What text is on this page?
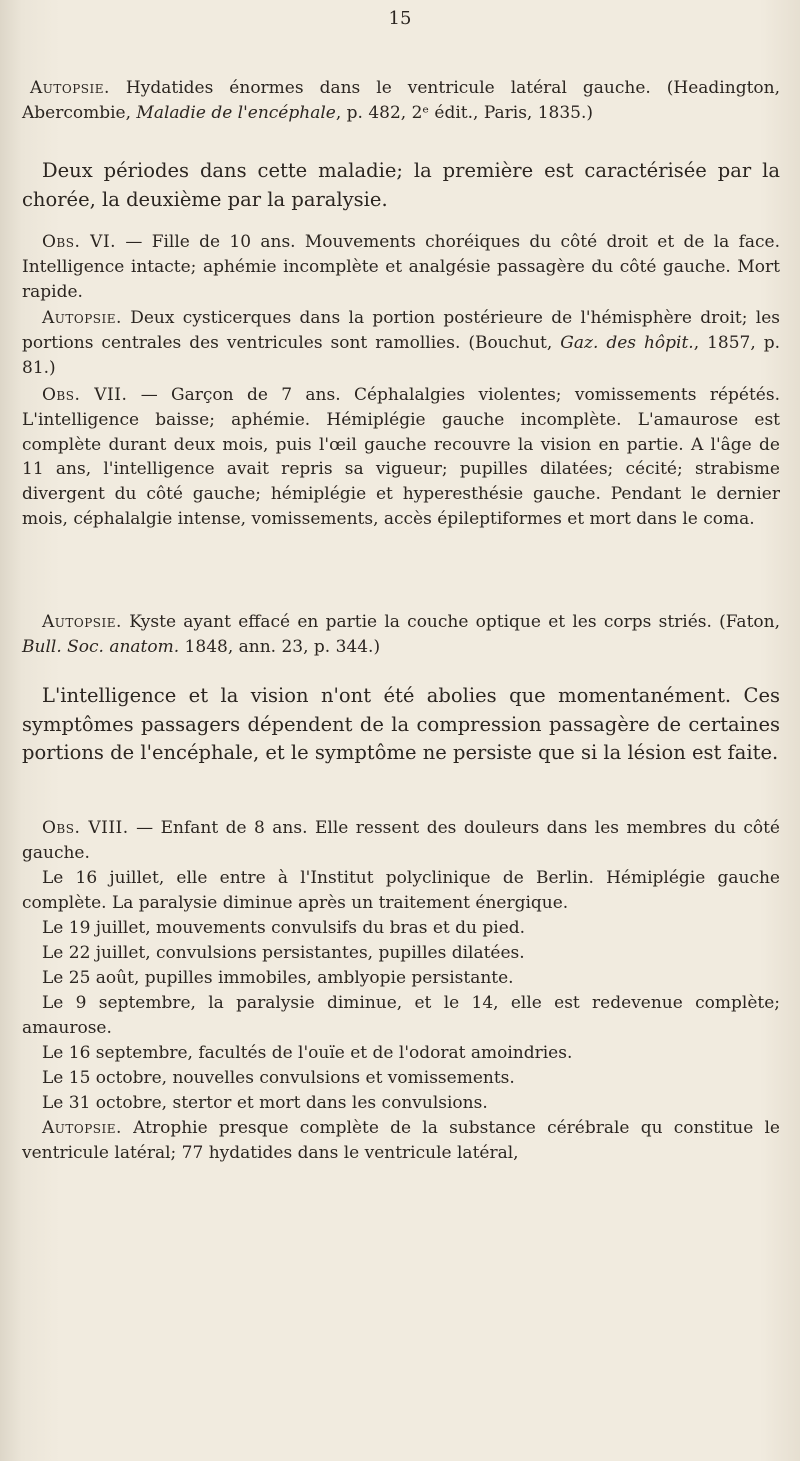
15

Autopsie. Hydatides énormes dans le ventricule latéral gauche. (Headington, Abercombie, Maladie de l'encéphale, p. 482, 2ᵉ édit., Paris, 1835.)

Deux périodes dans cette maladie; la première est caractérisée par la chorée, la deuxième par la paralysie.

Obs. VI. — Fille de 10 ans. Mouvements choréiques du côté droit et de la face. Intelligence intacte; aphémie incomplète et analgésie passagère du côté gauche. Mort rapide.

Autopsie. Deux cysticerques dans la portion postérieure de l'hémisphère droit; les portions centrales des ventricules sont ramollies. (Bouchut, Gaz. des hôpit., 1857, p. 81.)

Obs. VII. — Garçon de 7 ans. Céphalalgies violentes; vomissements répétés. L'intelligence baisse; aphémie. Hémiplégie gauche incomplète. L'amaurose est complète durant deux mois, puis l'œil gauche recouvre la vision en partie. A l'âge de 11 ans, l'intelligence avait repris sa vigueur; pupilles dilatées; cécité; strabisme divergent du côté gauche; hémiplégie et hyperesthésie gauche. Pendant le dernier mois, céphalalgie intense, vomissements, accès épileptiformes et mort dans le coma.

Autopsie. Kyste ayant effacé en partie la couche optique et les corps striés. (Faton, Bull. Soc. anatom. 1848, ann. 23, p. 344.)

L'intelligence et la vision n'ont été abolies que momentanément. Ces symptômes passagers dépendent de la compression passagère de certaines portions de l'encéphale, et le symptôme ne persiste que si la lésion est faite.

Obs. VIII. — Enfant de 8 ans. Elle ressent des douleurs dans les membres du côté gauche.

Le 16 juillet, elle entre à l'Institut polyclinique de Berlin. Hémiplégie gauche complète. La paralysie diminue après un traitement énergique.

Le 19 juillet, mouvements convulsifs du bras et du pied.

Le 22 juillet, convulsions persistantes, pupilles dilatées.

Le 25 août, pupilles immobiles, amblyopie persistante.

Le 9 septembre, la paralysie diminue, et le 14, elle est redevenue complète; amaurose.

Le 16 septembre, facultés de l'ouïe et de l'odorat amoindries.

Le 15 octobre, nouvelles convulsions et vomissements.

Le 31 octobre, stertor et mort dans les convulsions.

Autopsie. Atrophie presque complète de la substance cérébrale qu constitue le ventricule latéral; 77 hydatides dans le ventricule latéral,
